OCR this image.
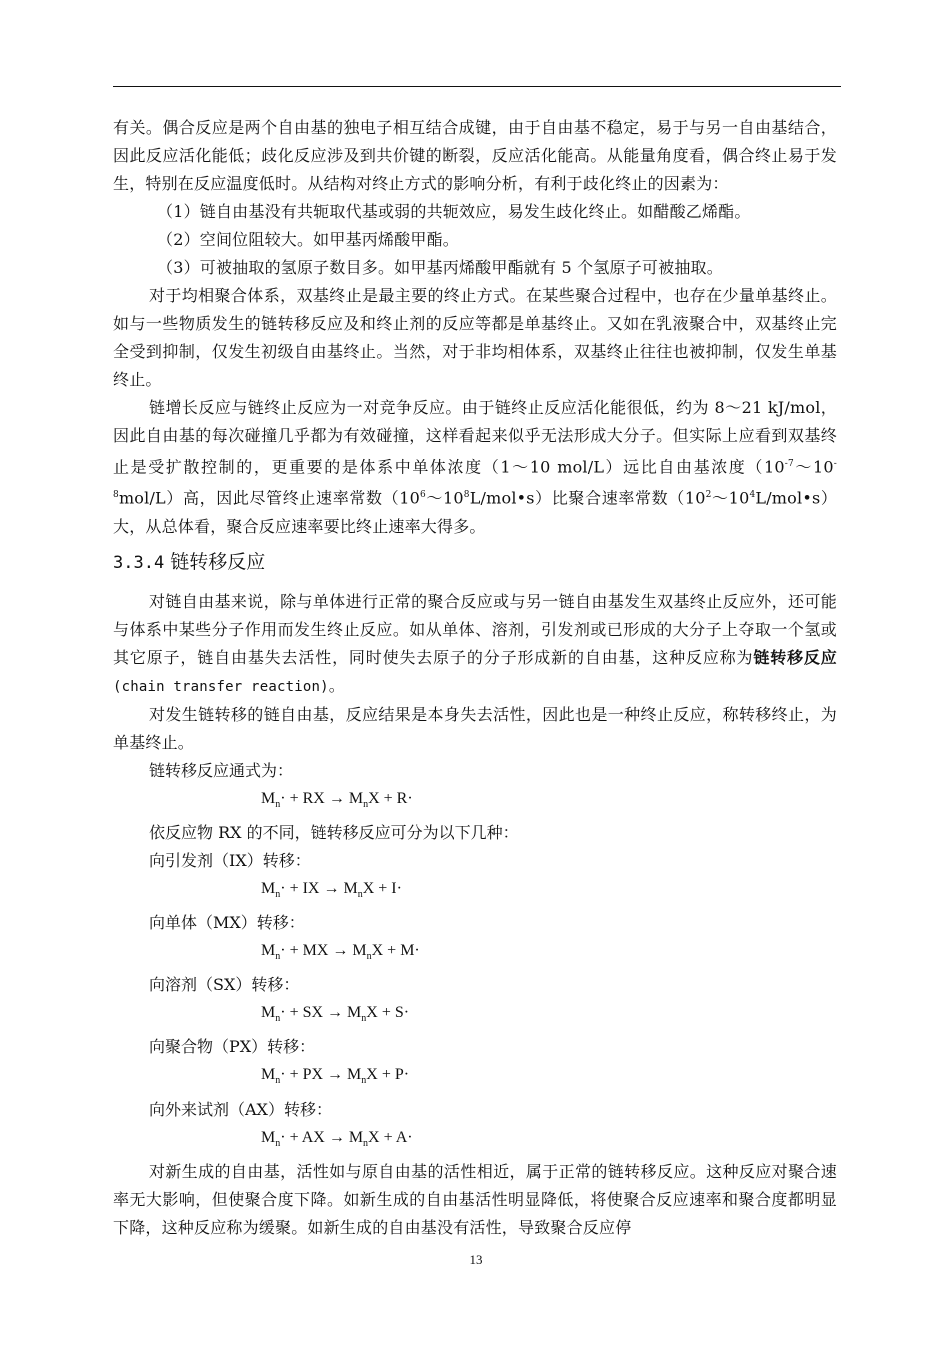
有关。偶合反应是两个自由基的独电子相互结合成键，由于自由基不稳定，易于与另一自由基结合，因此反应活化能低；歧化反应涉及到共价键的断裂，反应活化能高。从能量角度看，偶合终止易于发生，特别在反应温度低时。从结构对终止方式的影响分析，有利于歧化终止的因素为：

（1）链自由基没有共轭取代基或弱的共轭效应，易发生歧化终止。如醋酸乙烯酯。

（2）空间位阻较大。如甲基丙烯酸甲酯。

（3）可被抽取的氢原子数目多。如甲基丙烯酸甲酯就有 5 个氢原子可被抽取。

对于均相聚合体系，双基终止是最主要的终止方式。在某些聚合过程中，也存在少量单基终止。如与一些物质发生的链转移反应及和终止剂的反应等都是单基终止。又如在乳液聚合中，双基终止完全受到抑制，仅发生初级自由基终止。当然，对于非均相体系，双基终止往往也被抑制，仅发生单基终止。

链增长反应与链终止反应为一对竞争反应。由于链终止反应活化能很低，约为 8～21 kJ/mol，因此自由基的每次碰撞几乎都为有效碰撞，这样看起来似乎无法形成大分子。但实际上应看到双基终止是受扩散控制的，更重要的是体系中单体浓度（1～10 mol/L）远比自由基浓度$(10^{-7}\sim 10^{-8}mol/L)$高，因此尽管终止速率常数$(10^6\sim 10^8L/mol•s)$比聚合速率常数$(10^2\sim 10^4L/mol•s)$大，从总体看，聚合反应速率要比终止速率大得多。

3.3.4 链转移反应

对链自由基来说，除与单体进行正常的聚合反应或与另一链自由基发生双基终止反应外，还可能与体系中某些分子作用而发生终止反应。如从单体、溶剂，引发剂或已形成的大分子上夺取一个氢或其它原子，链自由基失去活性，同时使失去原子的分子形成新的自由基，这种反应称为链转移反应(chain transfer reaction)。

对发生链转移的链自由基，反应结果是本身失去活性，因此也是一种终止反应，称转移终止，为单基终止。

链转移反应通式为：

$M_n\cdot$ + RX → $M_nX + R\cdot$

依反应物 RX 的不同，链转移反应可分为以下几种：

向引发剂（IX）转移：

$M_n\cdot$ + IX → $M_nX + I\cdot$

向单体（MX）转移：

$M_n\cdot$ + MX → $M_nX + M\cdot$

向溶剂（SX）转移：

$M_n\cdot$ + SX → $M_nX + S\cdot$

向聚合物（PX）转移：

$M_n\cdot$ + PX → $M_nX + P\cdot$

向外来试剂（AX）转移：

$M_n\cdot$ + AX → $M_nX + A\cdot$

对新生成的自由基，活性如与原自由基的活性相近，属于正常的链转移反应。这种反应对聚合速率无大影响，但使聚合度下降。如新生成的自由基活性明显降低，将使聚合反应速率和聚合度都明显下降，这种反应称为缓聚。如新生成的自由基没有活性，导致聚合反应停

13
